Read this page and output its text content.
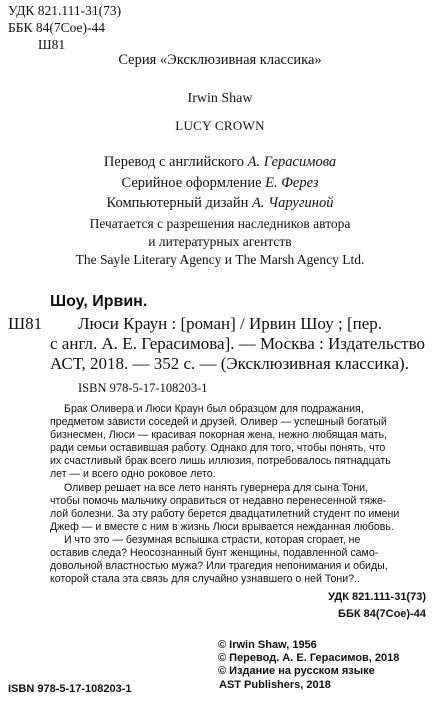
УДК 821.111-31(73)
ББК 84(7Сое)-44
Ш81
Серия «Эксклюзивная классика»
Irwin Shaw
LUCY CROWN
Перевод с английского А. Герасимова
Серийное оформление Е. Ферез
Компьютерный дизайн А. Чаругиной
Печатается с разрешения наследников автора
и литературных агентств
The Sayle Literary Agency и The Marsh Agency Ltd.
Шоу, Ирвин.
Ш81	Люси Краун : [роман] / Ирвин Шоу ; [пер.
с англ. А. Е. Герасимова]. — Москва : Издательство
АСТ, 2018. — 352 с. — (Эксклюзивная классика).
ISBN 978-5-17-108203-1
Брак Оливера и Люси Краун был образцом для подражания,
предметом зависти соседей и друзей. Оливер — успешный богатый
бизнесмен, Люси — красивая покорная жена, нежно любящая мать,
ради семьи оставившая работу. Однако для того, чтобы понять, что
их счастливый брак всего лишь иллюзия, потребовалось пятнадцать
лет — и всего одно роковое лето.
Оливер решает на все лето нанять гувернера для сына Тони,
чтобы помочь мальчику оправиться от недавно перенесенной тяже-
лой болезни. За эту работу берется двадцатилетний студент по имени
Джеф — и вместе с ним в жизнь Люси врывается нежданная любовь.
И что это — безумная вспышка страсти, которая сгорает, не
оставив следа? Неосознанный бунт женщины, подавленной само-
довольной властностью мужа? Или трагедия непонимания и обиды,
которой стала эта связь для случайно узнавшего о ней Тони?..
УДК 821.111-31(73)
ББК 84(7Сое)-44
© Irwin Shaw, 1956
© Перевод. А. Е. Герасимов, 2018
© Издание на русском языке
AST Publishers, 2018
ISBN 978-5-17-108203-1
